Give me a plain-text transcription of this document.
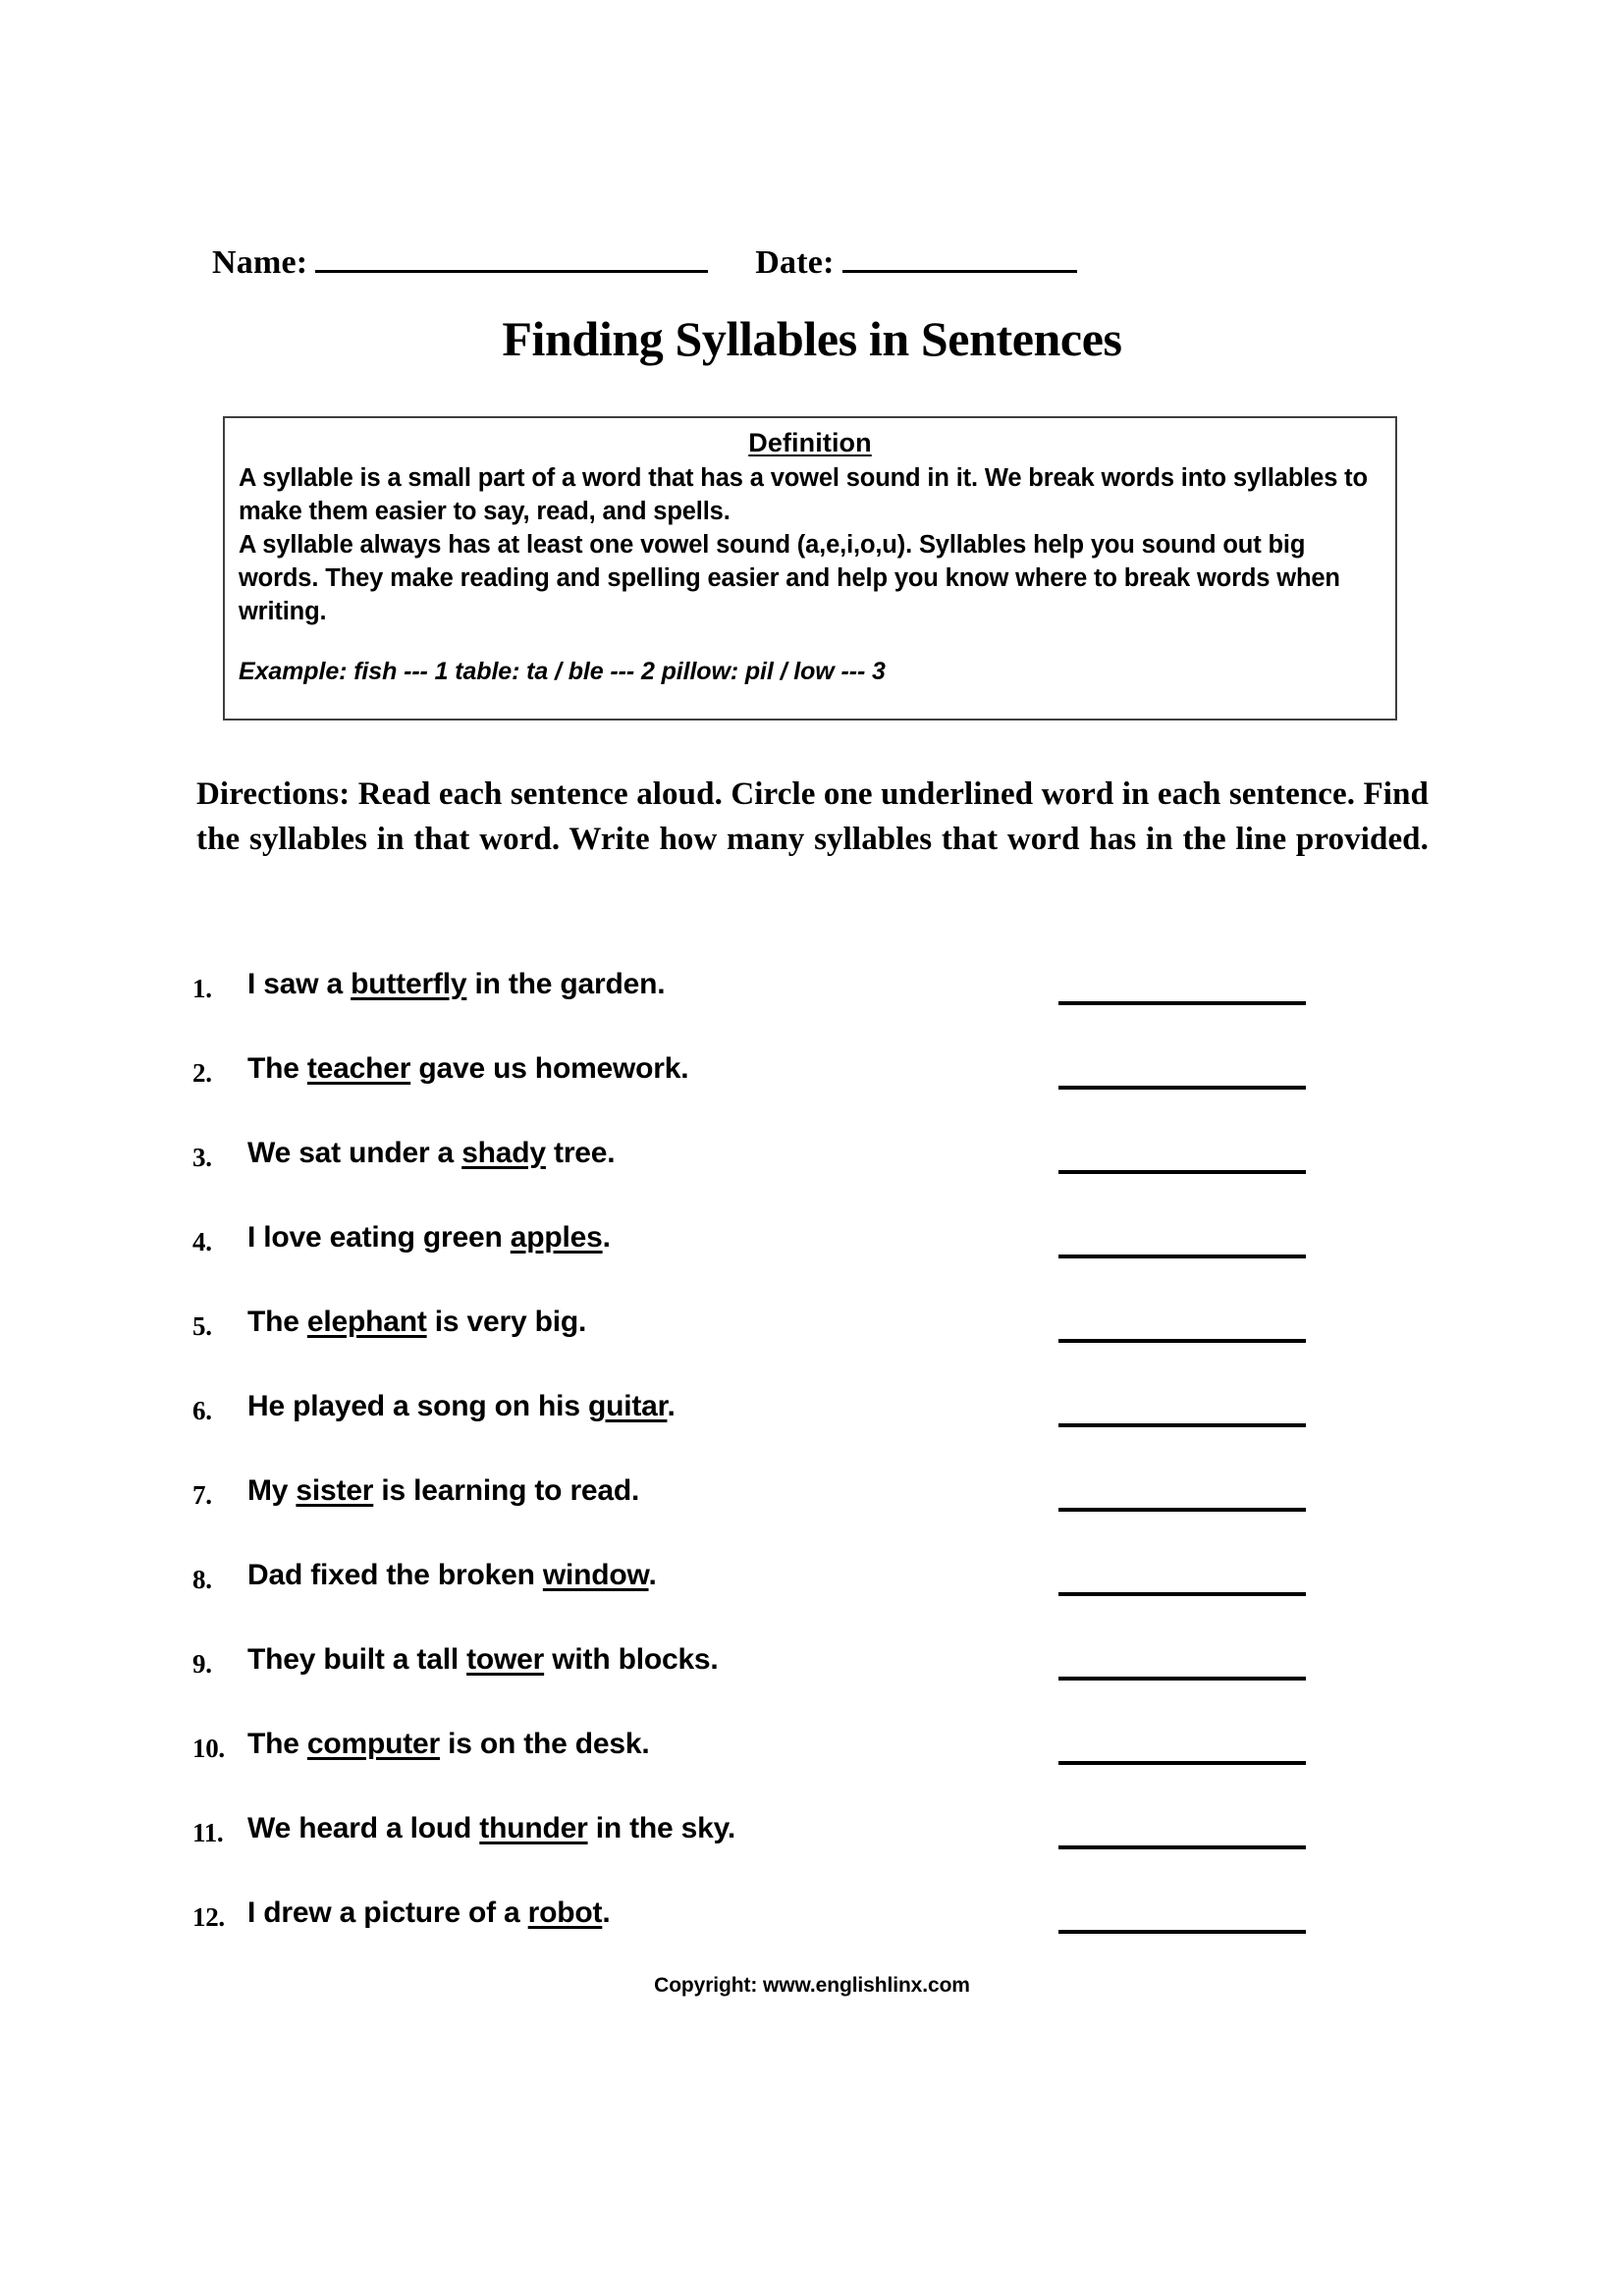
Name:	Date:
Finding Syllables in Sentences
Definition

A syllable is a small part of a word that has a vowel sound in it. We break words into syllables to make them easier to say, read, and spells.

A syllable always has at least one vowel sound (a,e,i,o,u). Syllables help you sound out big words. They make reading and spelling easier and help you know where to break words when writing.

Example: fish --- 1 table: ta / ble --- 2 pillow: pil / low --- 3
Directions: Read each sentence aloud. Circle one underlined word in each sentence. Find the syllables in that word. Write how many syllables that word has in the line provided.
1.	I saw a butterfly in the garden.
2.	The teacher gave us homework.
3.	We sat under a shady tree.
4.	I love eating green apples.
5.	The elephant is very big.
6.	He played a song on his guitar.
7.	My sister is learning to read.
8.	Dad fixed the broken window.
9.	They built a tall tower with blocks.
10. The computer is on the desk.
11. We heard a loud thunder in the sky.
12. I drew a picture of a robot.
Copyright: www.englishlinx.com
